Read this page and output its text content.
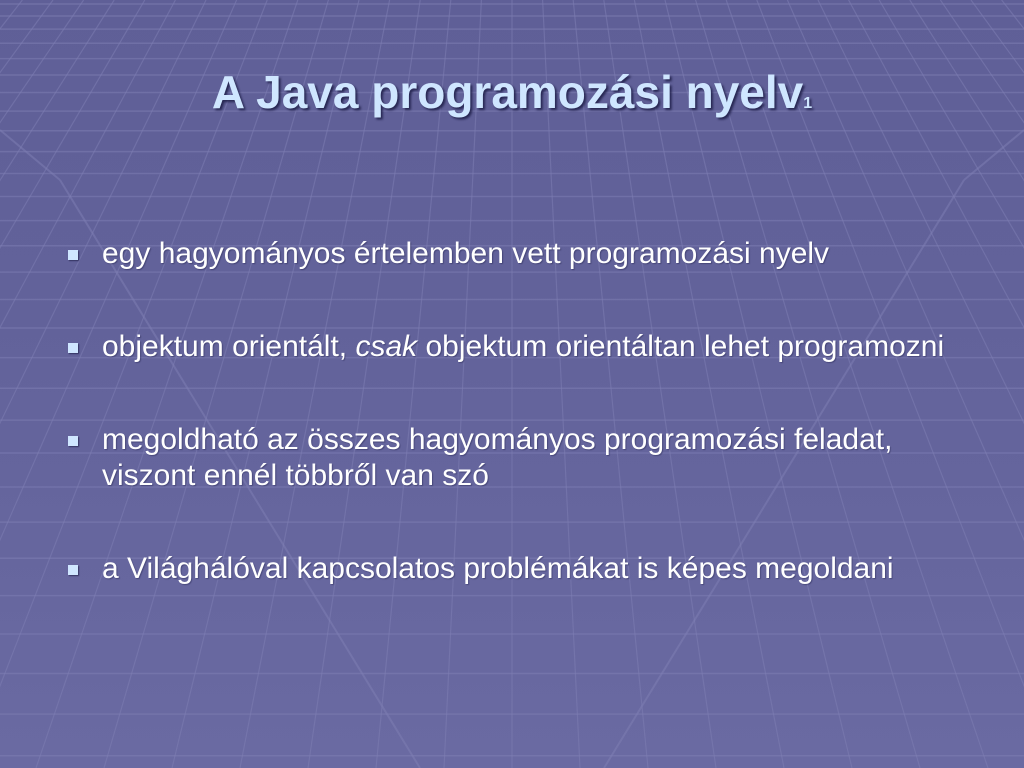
A Java programozási nyelv1
egy hagyományos értelemben vett programozási nyelv
objektum orientált, csak objektum orientáltan lehet programozni
megoldható az összes hagyományos programozási feladat, viszont ennél többről van szó
a Világhálóval kapcsolatos problémákat is képes megoldani
